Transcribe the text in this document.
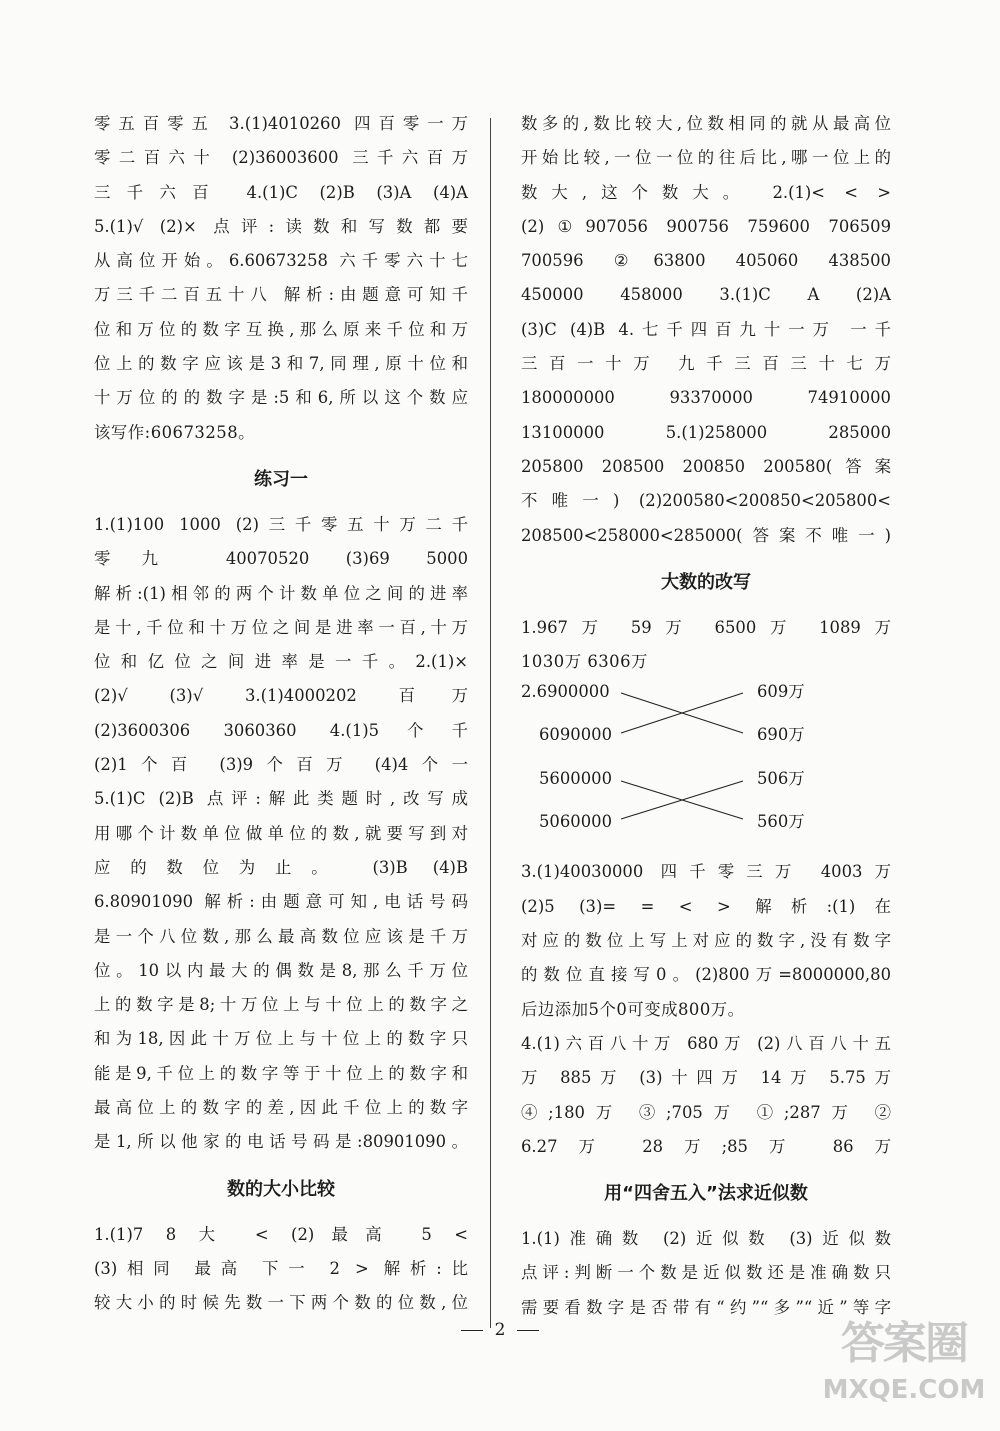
零五百零五 3.(1)4010260 四百零一万
零二百六十 (2)36003600 三千六百万
三千六百 4.(1)C (2)B (3)A (4)A
5.(1)√ (2)× 点评:读数和写数都要
从高位开始。6.60673258 六千零六十七
万三千二百五十八 解析:由题意可知千
位和万位的数字互换,那么原来千位和万
位上的数字应该是3和7,同理,原十位和
十万位的的数字是:5和6,所以这个数应
该写作:60673258。
练习一
1.(1)100 1000 (2)三千零五十万二千
零九 40070520 (3)69 5000
解析:(1)相邻的两个计数单位之间的进率
是十,千位和十万位之间是进率一百,十万
位和亿位之间进率是一千。2.(1)×
(2)√ (3)√ 3.(1)4000202 百万
(2)3600306 3060360 4.(1)5个千
(2)1个百 (3)9个百万 (4)4个一
5.(1)C (2)B 点评:解此类题时,改写成
用哪个计数单位做单位的数,就要写到对
应的数位为止。 (3)B (4)B
6.80901090 解析:由题意可知,电话号码
是一个八位数,那么最高数位应该是千万
位。10以内最大的偶数是8,那么千万位
上的数字是8;十万位上与十位上的数字之
和为18,因此十万位上与十位上的数字只
能是9,千位上的数字等于十位上的数字和
最高位上的数字的差,因此千位上的数字
是1,所以他家的电话号码是:80901090。
数的大小比较
1.(1)7 8 大 < (2)最高 5 <
(3)相同 最高 下一 2 > 解析:比
较大小的时候先数一下两个数的位数,位
数多的,数比较大,位数相同的就从最高位
开始比较,一位一位的往后比,哪一位上的
数大,这个数大。 2.(1)< < >
(2)①907056 900756 759600 706509
700596 ②63800 405060 438500
450000 458000 3.(1)C A (2)A
(3)C (4)B 4.七千四百九十一万 一千
三百一十万 九千三百三十七万
180000000 93370000 74910000
13100000 5.(1)258000 285000
205800 208500 200850 200580(答案
不唯一) (2)200580<200850<205800<
208500<258000<285000(答案不唯一)
大数的改写
1.967万 59万 6500万 1089万
1030万 6306万
2.6900000
6090000
5600000
5060000
609万
690万
506万
560万
3.(1)40030000 四千零三万 4003万
(2)5 (3)= = < > 解析:(1)在
对应的数位上写上对应的数字,没有数字
的数位直接写0。(2)800万=8000000,80
后边添加5个0可变成800万。
4.(1)六百八十万 680万 (2)八百八十五
万 885万 (3)十四万 14万 5.75万
④;180万 ③;705万 ①;287万 ②
6.27万 28万;85万 86万
用“四舍五入”法求近似数
1.(1)准确数 (2)近似数 (3)近似数
点评:判断一个数是近似数还是准确数只
需要看数字是否带有“约”“多”“近”等字
2	答案圈
MXQE.COM
